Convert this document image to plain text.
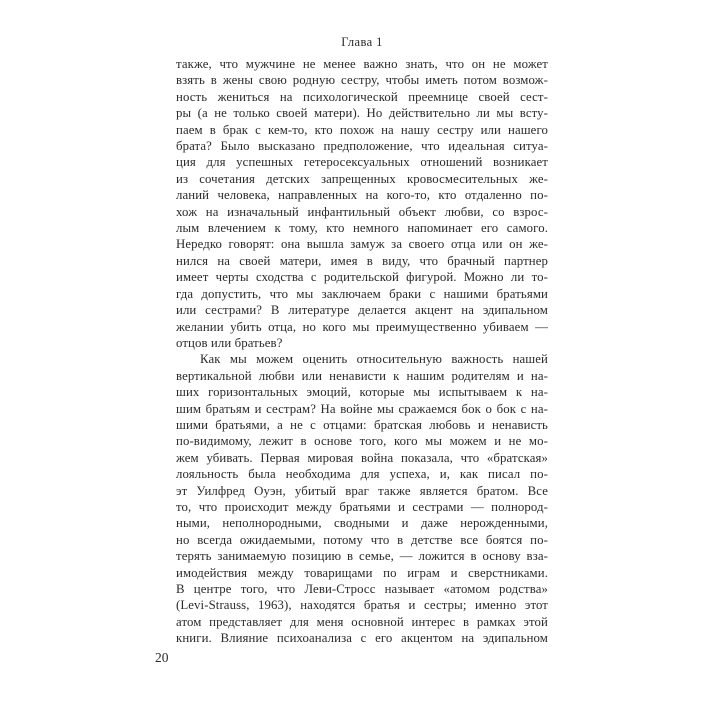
Глава 1
также, что мужчине не менее важно знать, что он не может
взять в жены свою родную сестру, чтобы иметь потом возмож-
ность жениться на психологической преемнице своей сест-
ры (а не только своей матери). Но действительно ли мы всту-
паем в брак с кем-то, кто похож на нашу сестру или нашего
брата? Было высказано предположение, что идеальная ситуа-
ция для успешных гетеросексуальных отношений возникает
из сочетания детских запрещенных кровосмесительных же-
ланий человека, направленных на кого-то, кто отдаленно по-
хож на изначальный инфантильный объект любви, со взрос-
лым влечением к тому, кто немного напоминает его самого.
Нередко говорят: она вышла замуж за своего отца или он же-
нился на своей матери, имея в виду, что брачный партнер
имеет черты сходства с родительской фигурой. Можно ли то-
гда допустить, что мы заключаем браки с нашими братьями
или сестрами? В литературе делается акцент на эдипальном
желании убить отца, но кого мы преимущественно убиваем —
отцов или братьев?
Как мы можем оценить относительную важность нашей
вертикальной любви или ненависти к нашим родителям и на-
ших горизонтальных эмоций, которые мы испытываем к на-
шим братьям и сестрам? На войне мы сражаемся бок о бок с на-
шими братьями, а не с отцами: братская любовь и ненависть
по-видимому, лежит в основе того, кого мы можем и не мо-
жем убивать. Первая мировая война показала, что «братская»
лояльность была необходима для успеха, и, как писал по-
эт Уилфред Оуэн, убитый враг также является братом. Все
то, что происходит между братьями и сестрами — полнород-
ными, неполнородными, сводными и даже нерожденными,
но всегда ожидаемыми, потому что в детстве все боятся по-
терять занимаемую позицию в семье, — ложится в основу вза-
имодействия между товарищами по играм и сверстниками.
В центре того, что Леви-Стросс называет «атомом родства»
(Levi-Strauss, 1963), находятся братья и сестры; именно этот
атом представляет для меня основной интерес в рамках этой
книги. Влияние психоанализа с его акцентом на эдипальном
20
